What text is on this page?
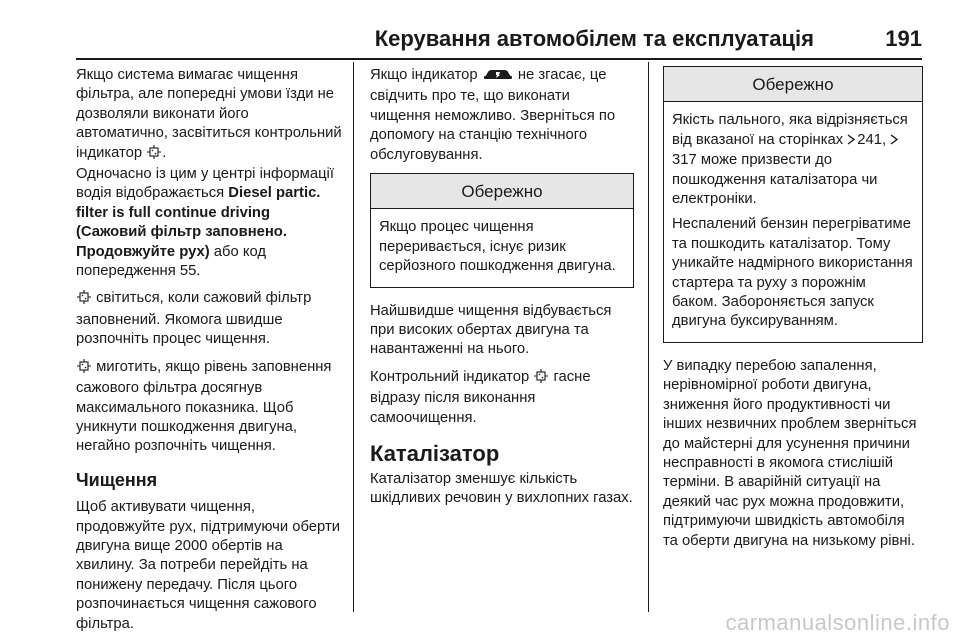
Керування автомобілем та експлуатація	191

Якщо система вимагає чищення фільтра, але попередні умови їзди не дозволяли виконати його автоматично, засвітиться контрольний індикатор .
Одночасно із цим у центрі інформації водія відображається Diesel partic. filter is full continue driving (Сажовий фільтр заповнено. Продовжуйте рух) або код попередження 55.

світиться, коли сажовий фільтр заповнений. Якомога швидше розпочніть процес чищення.

миготить, якщо рівень заповнення сажового фільтра досягнув максимального показника. Щоб уникнути пошкодження двигуна, негайно розпочніть чищення.

Чищення

Щоб активувати чищення, продовжуйте рух, підтримуючи оберти двигуна вище 2000 обертів на хвилину. За потреби перейдіть на понижену передачу. Після цього розпочинається чищення сажового фільтра.

Якщо індикатор	не згасає, це свідчить про те, що виконати чищення неможливо. Зверніться по допомогу на станцію технічного обслуговування.

Обережно

Якщо процес чищення переривається, існує ризик серйозного пошкодження двигуна.

Найшвидше чищення відбувається при високих обертах двигуна та навантаженні на нього.

Контрольний індикатор гасне відразу після виконання самоочищення.

Каталізатор

Каталізатор зменшує кількість шкідливих речовин у вихлопних газах.

Обережно

Якість пального, яка відрізняється від вказаної на сторінках 241, 317 може призвести до пошкодження каталізатора чи електроніки.

Неспалений бензин перегріватиме та пошкодить каталізатор. Тому уникайте надмірного використання стартера та руху з порожнім баком. Забороняється запуск двигуна буксируванням.

У випадку перебою запалення, нерівномірної роботи двигуна, зниження його продуктивності чи інших незвичних проблем зверніться до майстерні для усунення причини несправності в якомога стислішій терміни. В аварійній ситуації на деякий час рух можна продовжити, підтримуючи швидкість автомобіля та оберти двигуна на низькому рівні.

carmanualsonline.info
